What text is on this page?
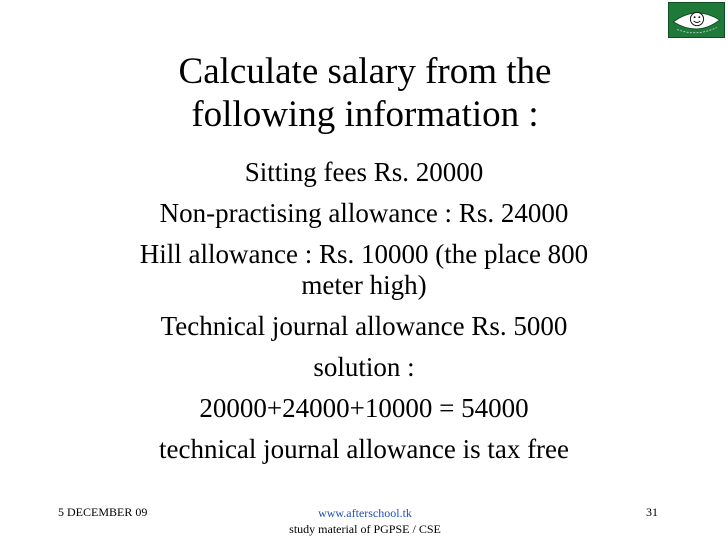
Calculate salary from the
following information :
Sitting fees Rs. 20000
Non-practising allowance : Rs. 24000
Hill allowance : Rs. 10000 (the place 800
meter high)
Technical journal allowance Rs. 5000
solution :
20000+24000+10000 = 54000
technical journal allowance is tax free
5 DECEMBER 09	www.afterschool.tk
study material of PGPSE / CSE
31
